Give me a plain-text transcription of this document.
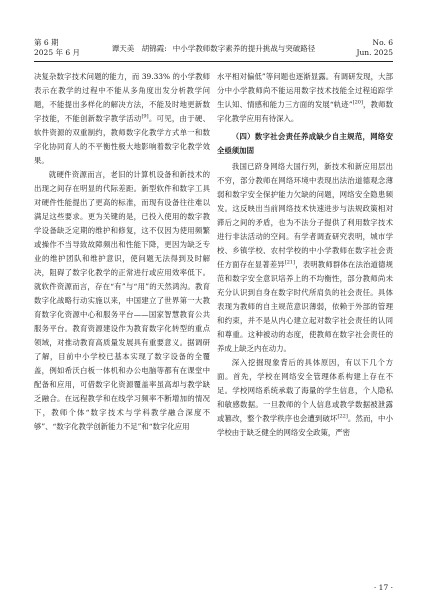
第 6 期
2025 年 6 月	谭天美　胡锦霞: 中小学教师数字素养的提升挑战与突破路径
No. 6
Jun. 2025

决复杂数字技术问题的能力，而 39.33% 的小学教师表示在教学的过程中不能从多角度出发分析教学问题，不能提出多样化的解决方法，不能及时地更新数字技能，不能创新数字教学活动[9]。可见，由于硬、软件资源的双重制约，教师数字化教学方式单一和数字化协同育人的不平衡性极大地影响着数字化教学效果。

就硬件资源而言，老旧的计算机设备和新技术的出现之间存在明显的代际差距。新型软件和数字工具对硬件性能提出了更高的标准，而现有设备往往难以满足这些要求。更为关键的是，已投入使用的数字教学设备缺乏定期的维护和修复，这不仅因为使用频繁或操作不当导致故障频出和性能下降，更因为缺乏专业的维护团队和维护意识，使问题无法得到及时解决，阻碍了数字化教学的正常进行或应用效率低下。就软件资源而言，存在“有”与“用”的天然鸿沟。教育数字化战略行动实施以来，中国建立了世界第一大教育数字化资源中心和服务平台——国家智慧教育公共服务平台。教育资源建设作为教育数字化转型的重点领域，对推动教育高质量发展具有重要意义。据调研了解，目前中小学校已基本实现了数字设备的全覆盖，例如希沃白板一体机和办公电脑等都有在课堂中配备和应用，可借数字化资源覆盖率虽高却与教学缺乏融合。在远程教学和在线学习频率不断增加的情况下，教师个体“数字技术与学科教学融合深度不够”、“数字化教学创新能力不足”和“数字化应用

水平相对偏低”等问题也逐渐显露。有调研发现，大部分中小学教师尚不能运用数字技术技能全过程追踪学生认知、情感和能力三方面的发展“轨迹”[20]，教师数字化教学应用有待深入。

（四）数字社会责任养成缺少自主规范，网络安全亟须加固

我国已跻身网络大国行列，新技术和新应用层出不穷，部分教师在网络环境中表现出法治道德观念薄弱和数字安全保护能力欠缺的问题，网络安全隐患频发。这反映出当前网络技术快速进步与法规政策相对滞后之间的矛盾，也为不法分子提供了利用数字技术进行非法活动的空间。有学者调查研究表明，城市学校、乡镇学校、农村学校的中小学教师在数字社会责任方面存在显著差异[21]，表明教师群体在法治道德规范和数字安全意识培养上的不均衡性，部分教师尚未充分认识到自身在数字时代所肩负的社会责任。具体表现为教师的自主规范意识薄弱，依赖于外部的管理和约束，并不是从内心建立起对数字社会责任的认同和尊重。这种被动的态度，使教师在数字社会责任的养成上缺乏内在动力。

深入挖掘现象背后的具体原因，有以下几个方面。首先，学校在网络安全管理体系构建上存在不足。学校网络系统承载了海量的学生信息，个人隐私和敏感数据。一旦教师的个人信息或教学数据被泄露或篡改，整个教学秩序也会遭到破坏[22]。然而，中小学校由于缺乏健全的网络安全政策，严密

· 17 ·
